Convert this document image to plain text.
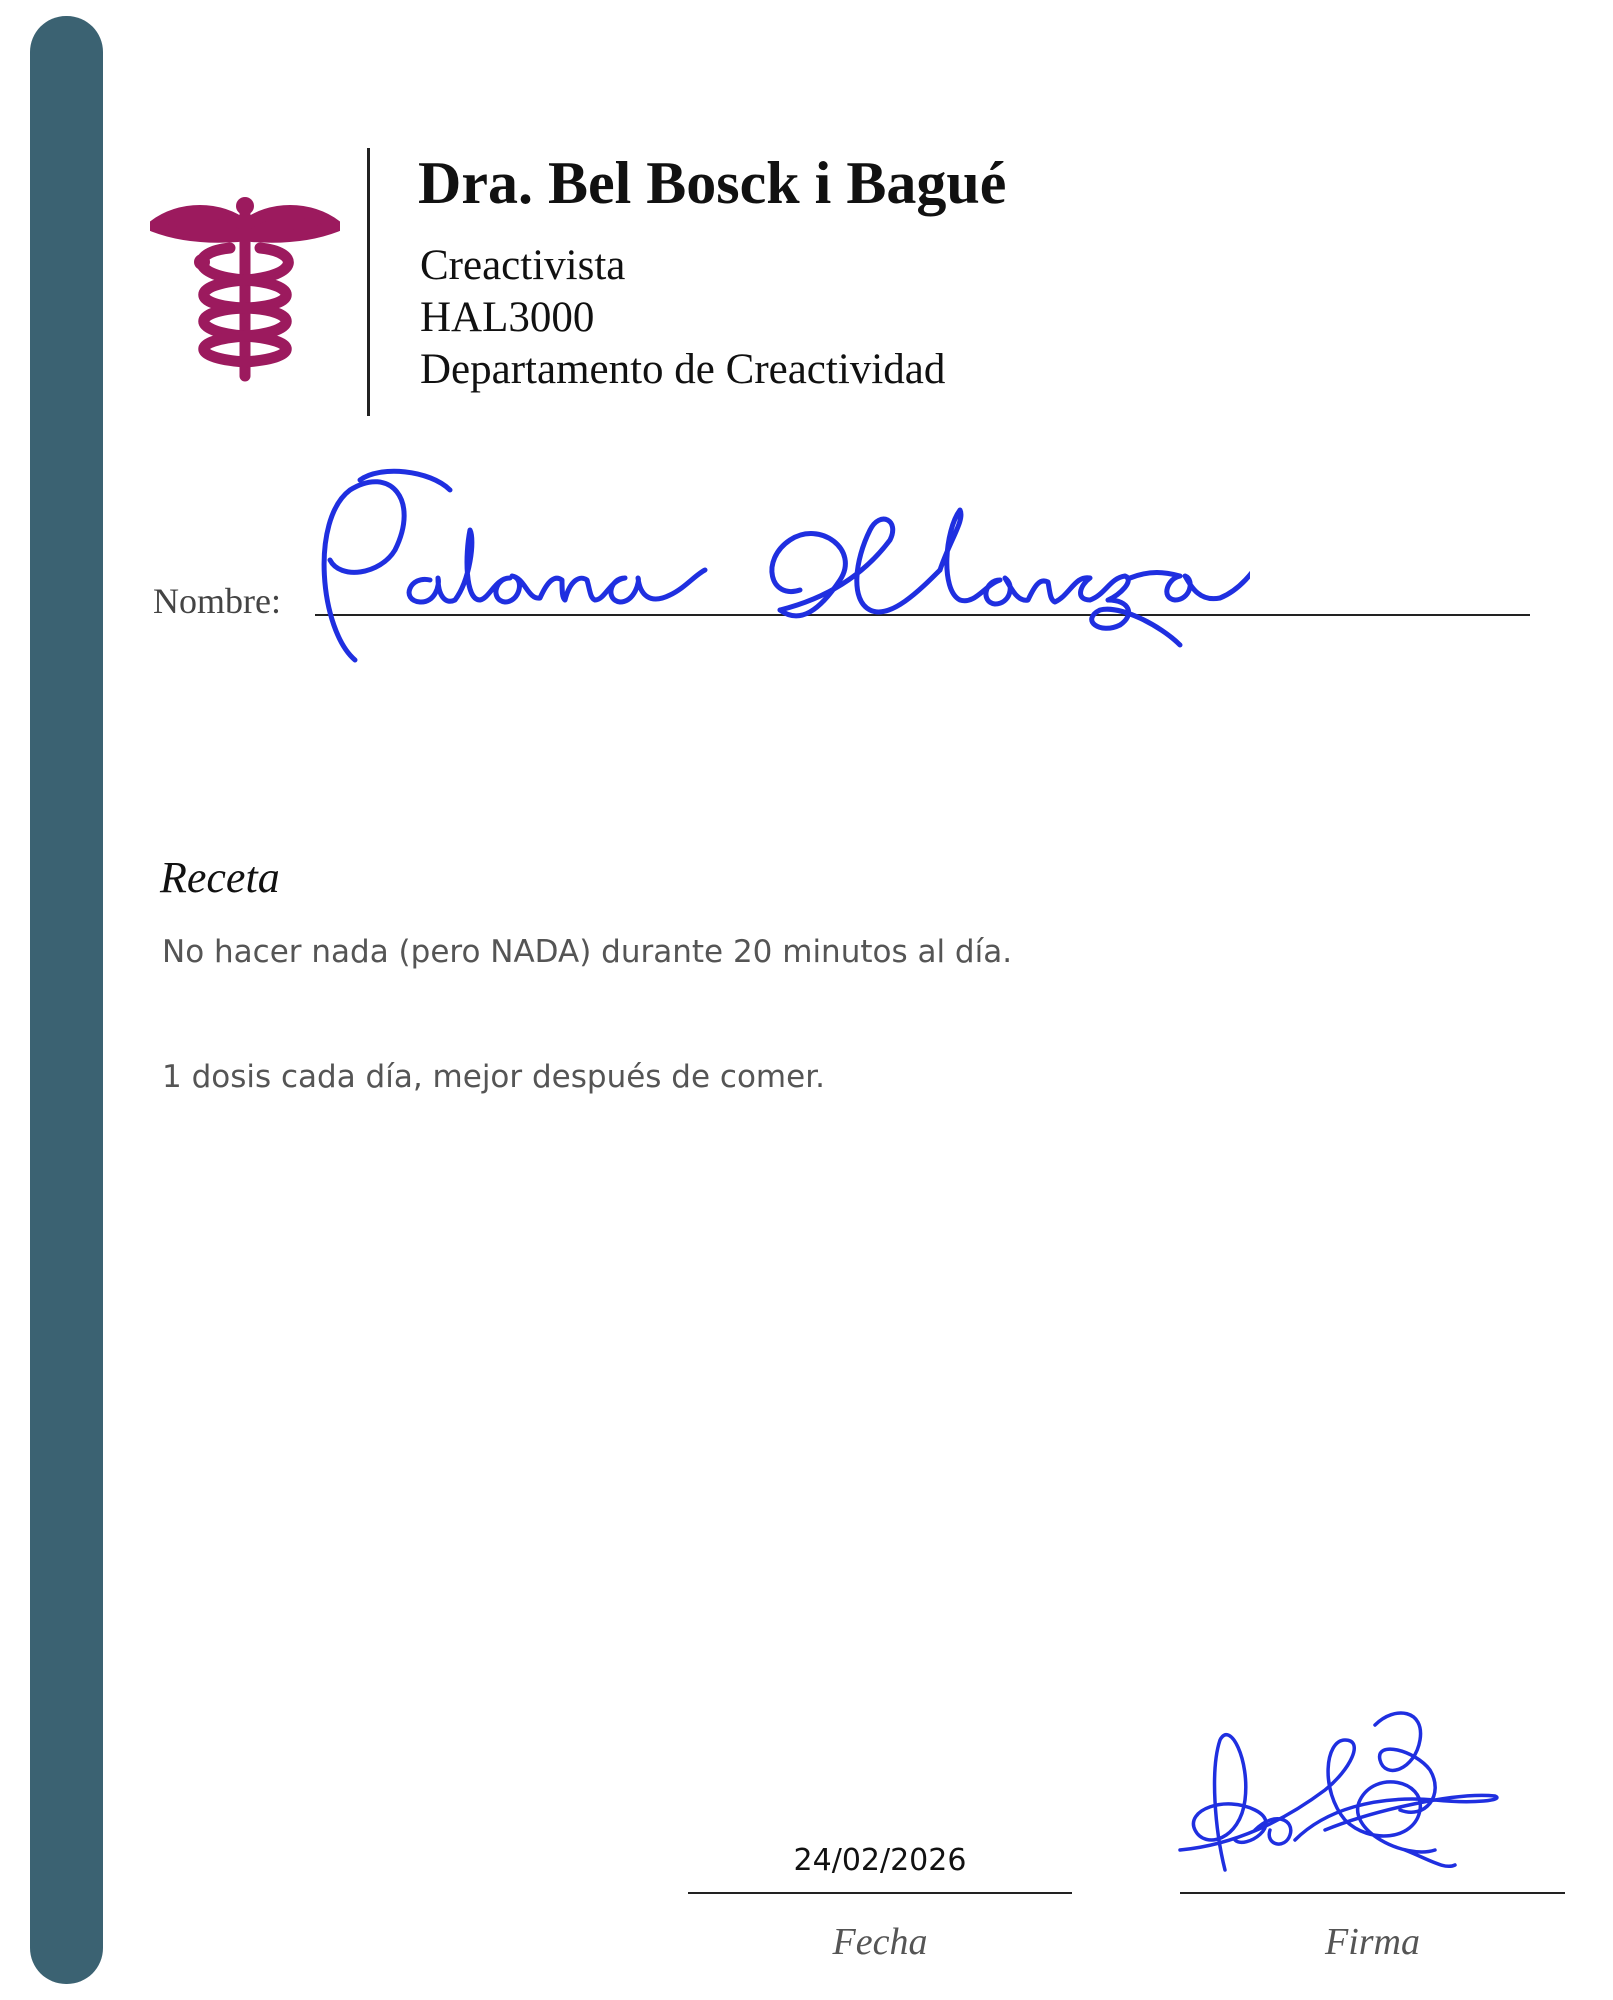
Dra. Bel Bosck i Bagué
Creactivista
HAL3000
Departamento de Creactividad
Nombre:
Receta
No hacer nada (pero NADA) durante 20 minutos al día.
1 dosis cada día, mejor después de comer.
24/02/2026
Fecha	Firma
